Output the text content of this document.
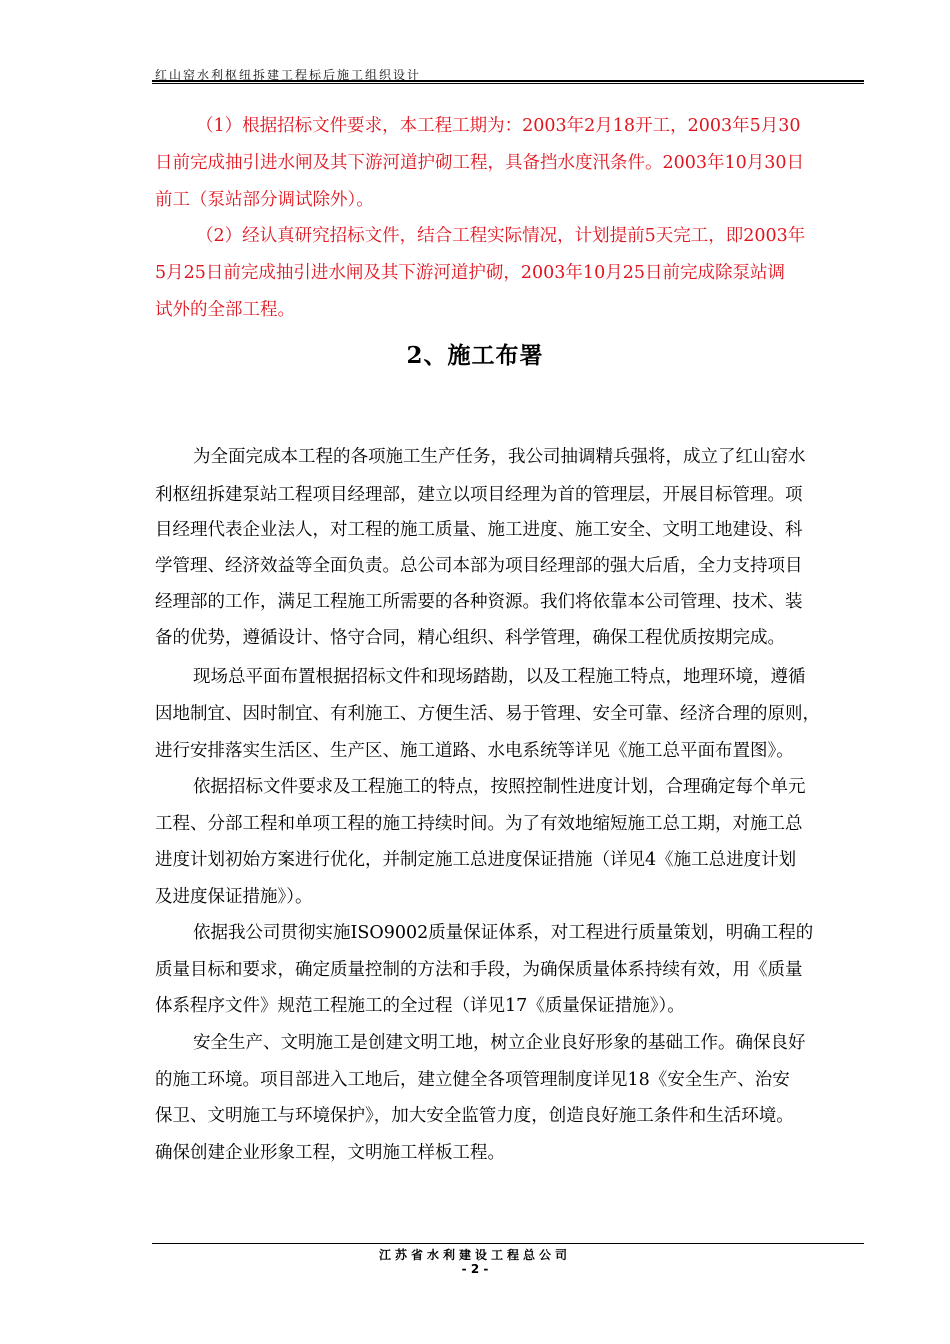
红山窑水利枢纽拆建工程标后施工组织设计
（1）根据招标文件要求，本工程工期为：2003年2月18开工，2003年5月30
日前完成抽引进水闸及其下游河道护砌工程，具备挡水度汛条件。2003年10月30日
前工（泵站部分调试除外）。
（2）经认真研究招标文件，结合工程实际情况，计划提前5天完工，即2003年
5月25日前完成抽引进水闸及其下游河道护砌，2003年10月25日前完成除泵站调
试外的全部工程。
2、施工布署
为全面完成本工程的各项施工生产任务，我公司抽调精兵强将，成立了红山窑水
利枢纽拆建泵站工程项目经理部，建立以项目经理为首的管理层，开展目标管理。项
目经理代表企业法人，对工程的施工质量、施工进度、施工安全、文明工地建设、科
学管理、经济效益等全面负责。总公司本部为项目经理部的强大后盾，全力支持项目
经理部的工作，满足工程施工所需要的各种资源。我们将依靠本公司管理、技术、装
备的优势，遵循设计、恪守合同，精心组织、科学管理，确保工程优质按期完成。
现场总平面布置根据招标文件和现场踏勘，以及工程施工特点，地理环境，遵循
因地制宜、因时制宜、有利施工、方便生活、易于管理、安全可靠、经济合理的原则，
进行安排落实生活区、生产区、施工道路、水电系统等详见《施工总平面布置图》。
依据招标文件要求及工程施工的特点，按照控制性进度计划，合理确定每个单元
工程、分部工程和单项工程的施工持续时间。为了有效地缩短施工总工期，对施工总
进度计划初始方案进行优化，并制定施工总进度保证措施（详见4《施工总进度计划
及进度保证措施》）。
依据我公司贯彻实施ISO9002质量保证体系，对工程进行质量策划，明确工程的
质量目标和要求，确定质量控制的方法和手段，为确保质量体系持续有效，用《质量
体系程序文件》规范工程施工的全过程（详见17《质量保证措施》）。
安全生产、文明施工是创建文明工地，树立企业良好形象的基础工作。确保良好
的施工环境。项目部进入工地后，建立健全各项管理制度详见18《安全生产、治安
保卫、文明施工与环境保护》，加大安全监管力度，创造良好施工条件和生活环境。
确保创建企业形象工程，文明施工样板工程。
江苏省水利建设工程总公司
- 2 -
